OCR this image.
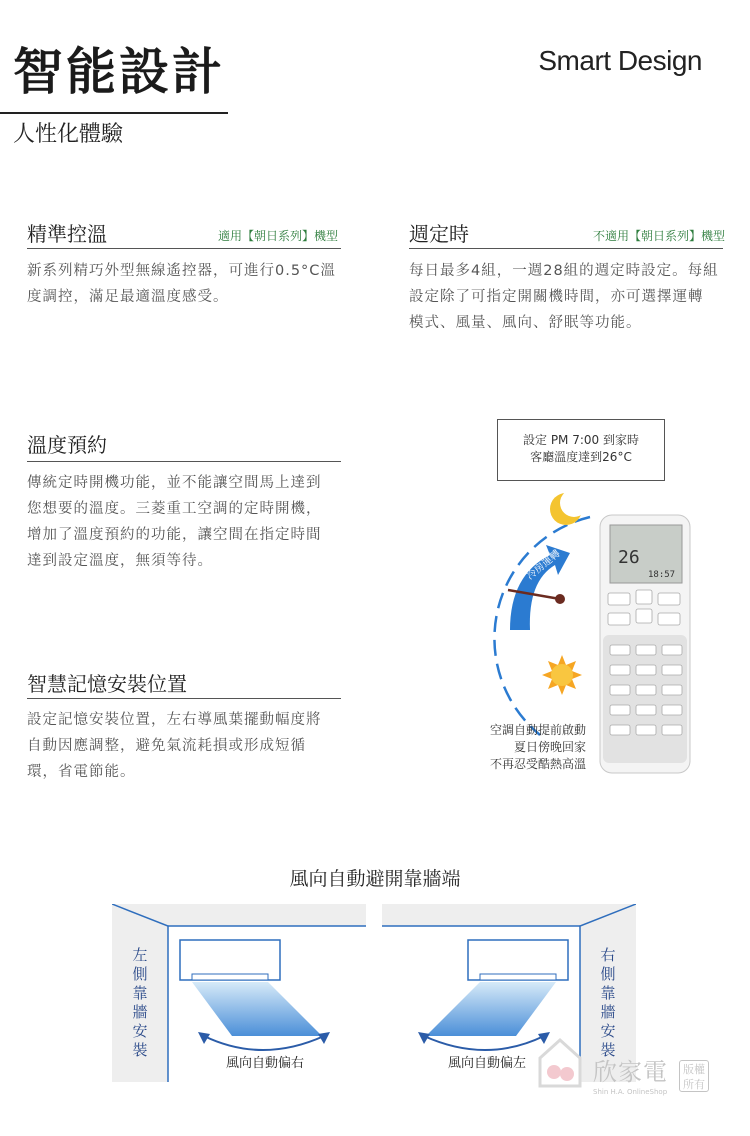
智能設計
人性化體驗
Smart Design
精準控溫	適用【朝日系列】機型
新系列精巧外型無線遙控器，可進行0.5°C溫
度調控，滿足最適溫度感受。
週定時	不適用【朝日系列】機型
每日最多4組，一週28組的週定時設定。每組
設定除了可指定開關機時間，亦可選擇運轉
模式、風量、風向、舒眠等功能。
溫度預約
傳統定時開機功能，並不能讓空間馬上達到
您想要的溫度。三菱重工空調的定時開機，
增加了溫度預約的功能，讓空間在指定時間
達到設定溫度，無須等待。
智慧記憶安裝位置
設定記憶安裝位置，左右導風葉擺動幅度將
自動因應調整，避免氣流耗損或形成短循
環，省電節能。
設定 PM 7:00 到家時
客廳溫度達到26°C
冷房運轉	26
18:57
空調自動提前啟動
夏日傍晚回家
不再忍受酷熱高溫
風向自動避開靠牆端
左側靠牆安裝
風向自動偏右
右側靠牆安裝
風向自動偏左	欣家電
Shin H.A. OnlineShop
版權所有
